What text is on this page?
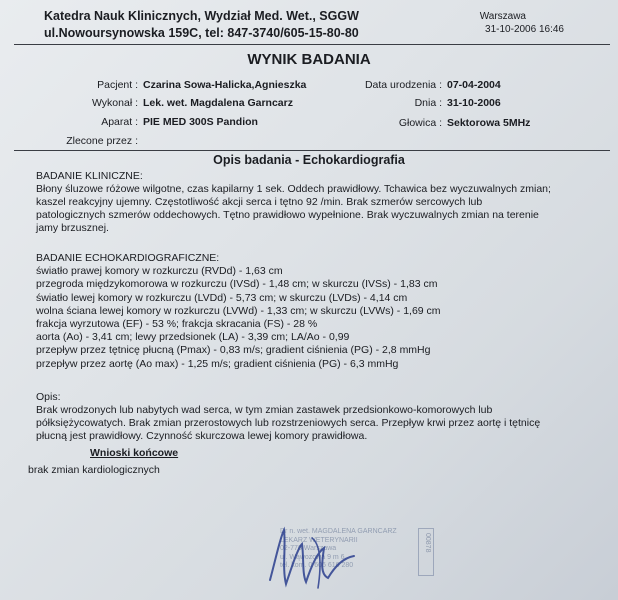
Katedra Nauk Klinicznych, Wydział Med. Wet., SGGW
ul.Nowoursynowska 159C, tel: 847-3740/605-15-80-80
Warszawa
31-10-2006 16:46
WYNIK BADANIA
Pacjent : Czarina Sowa-Halicka,Agnieszka	Data urodzenia : 07-04-2004
Wykonał : Lek. wet. Magdalena Garncarz	Dnia : 31-10-2006
Aparat : PIE MED 300S Pandion	Głowica : Sektorowa 5MHz
Zlecone przez :
Opis badania - Echokardiografia
BADANIE KLINICZNE:
Błony śluzowe różowe wilgotne, czas kapilarny 1 sek. Oddech prawidłowy. Tchawica bez wyczuwalnych zmian;
kaszel reakcyjny ujemny. Częstotliwość akcji serca i tętno 92 /min. Brak szmerów sercowych lub
patologicznych szmerów oddechowych. Tętno prawidłowo wypełnione. Brak wyczuwalnych zmian na terenie
jamy brzusznej.
BADANIE ECHOKARDIOGRAFICZNE:
światło prawej komory w rozkurczu (RVDd) - 1,63 cm
przegroda międzykomorowa w rozkurczu (IVSd) - 1,48 cm; w skurczu (IVSs) - 1,83 cm
światło lewej komory w rozkurczu (LVDd) - 5,73 cm; w skurczu (LVDs) - 4,14 cm
wolna ściana lewej komory w rozkurczu (LVWd) - 1,33 cm; w skurczu (LVWs) - 1,69 cm
frakcja wyrzutowa (EF) - 53 %; frakcja skracania (FS) - 28 %
aorta (Ao) - 3,41 cm; lewy przedsionek (LA) - 3,39 cm; LA/Ao - 0,99
przepływ przez tętnicę płucną (Pmax) - 0,83 m/s; gradient ciśnienia (PG) - 2,8 mmHg
przepływ przez aortę (Ao max) - 1,25 m/s; gradient ciśnienia (PG) - 6,3 mmHg
Opis:
Brak wrodzonych lub nabytych wad serca, w tym zmian zastawek przedsionkowo-komorowych lub
półksiężycowatych. Brak zmian przerostowych lub rozstrzeniowych serca. Przepływ krwi przez aortę i tętnicę
płucną jest prawidłowy. Czynność skurczowa lewej komory prawidłowa.
Wnioski końcowe
brak zmian kardiologicznych
Dr n. wet. MAGDALENA GARNCARZ
LEKARZ WETERYNARII
02-776 Warszawa
ul. Wąwozowa 9 m 6
tel. kom. 0 606 616 280
00878
